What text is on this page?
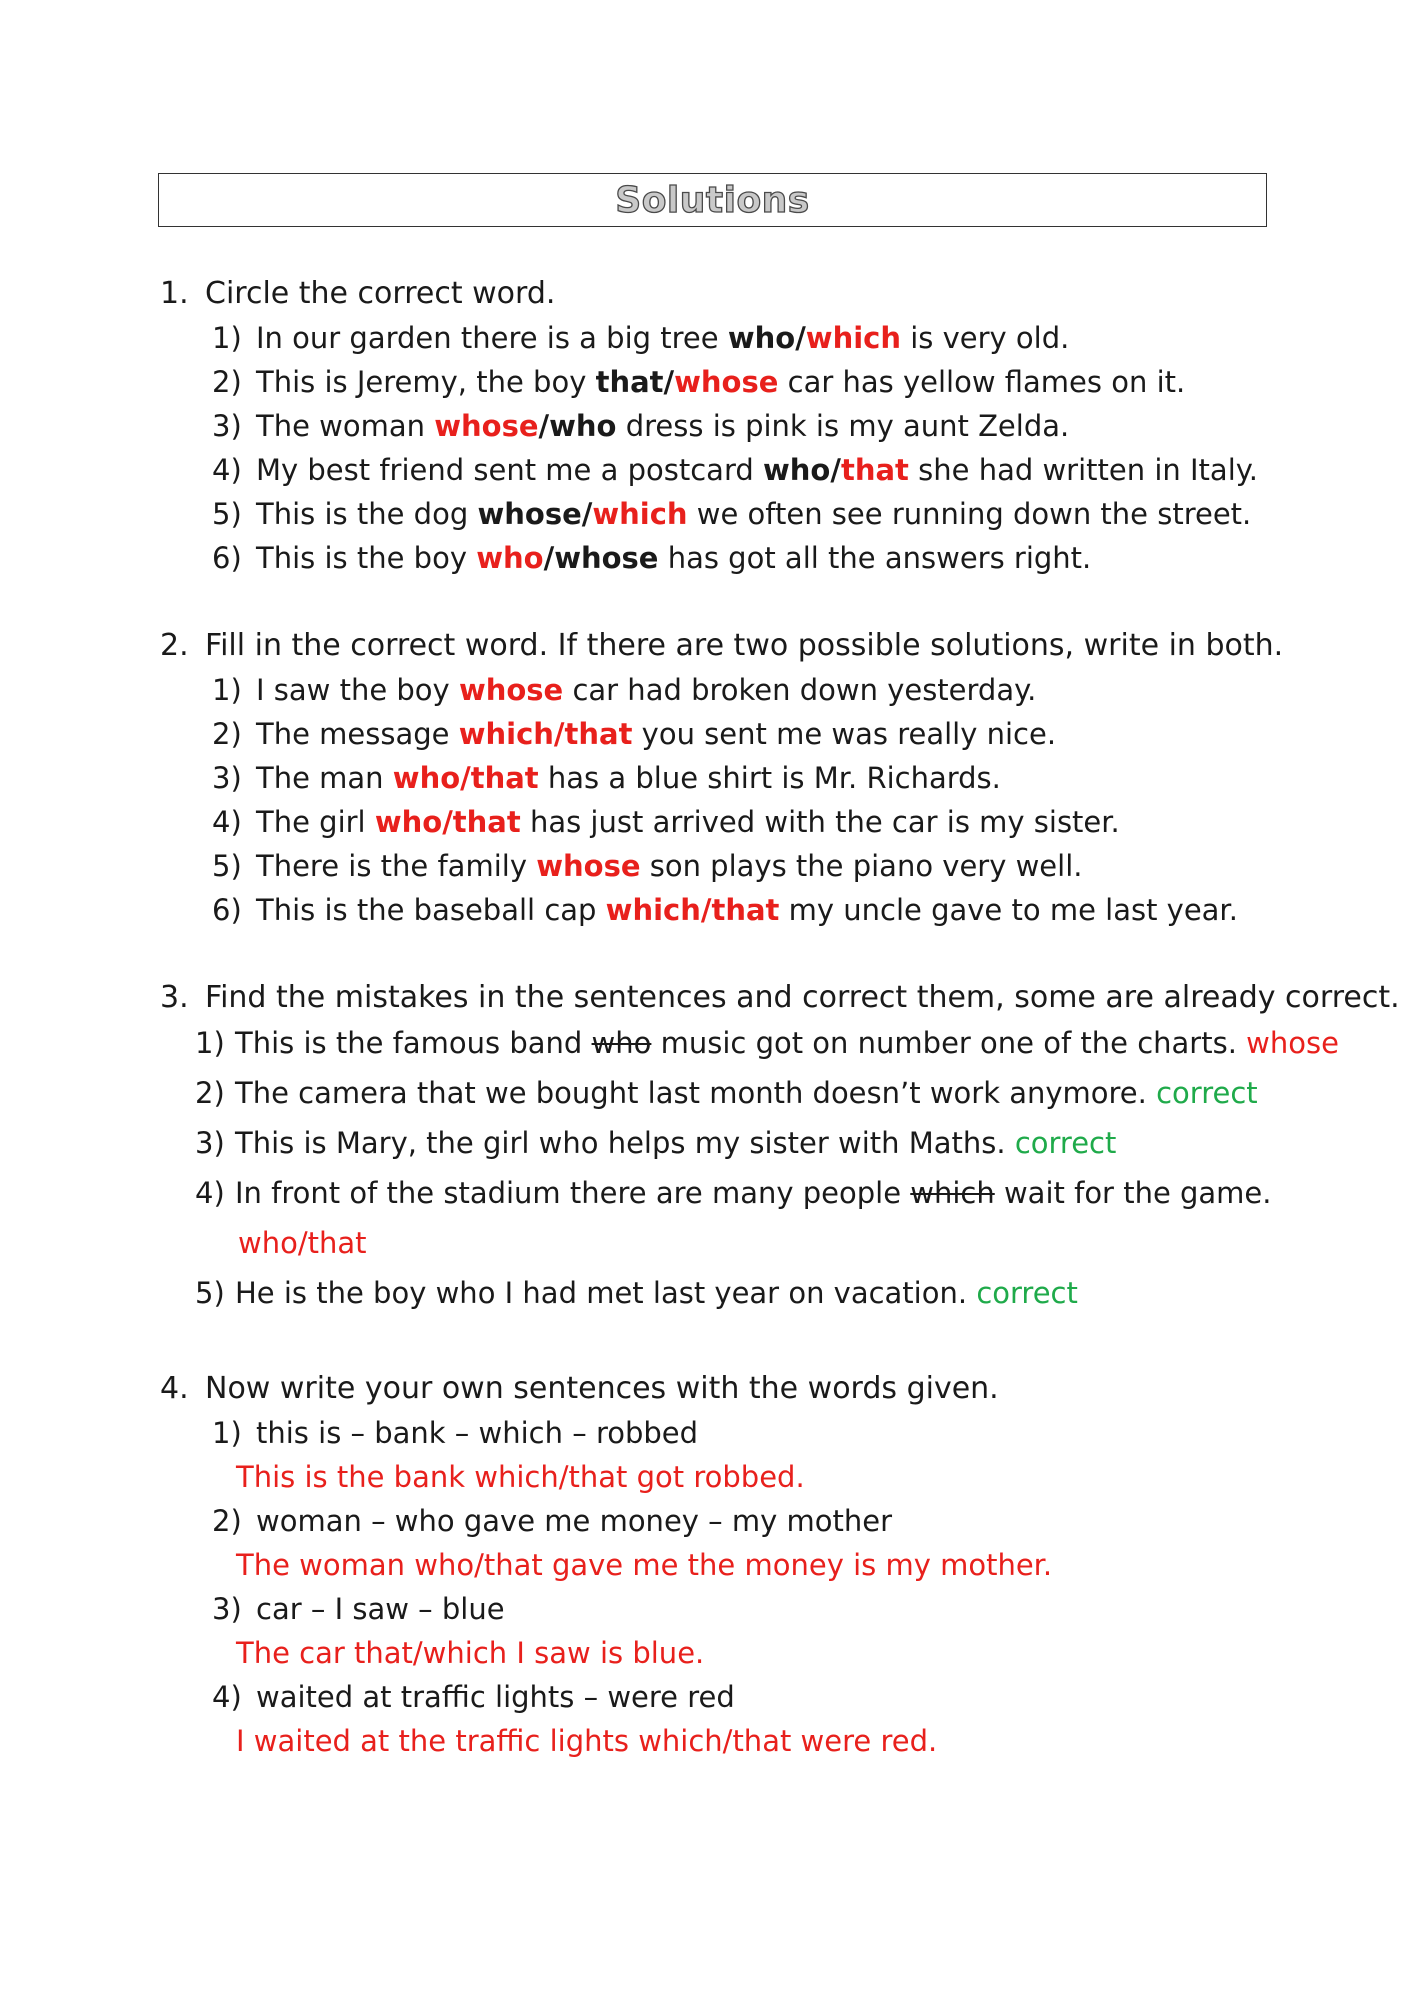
Solutions
1. Circle the correct word.
1) In our garden there is a big tree who/which is very old.
2) This is Jeremy, the boy that/whose car has yellow flames on it.
3) The woman whose/who dress is pink is my aunt Zelda.
4) My best friend sent me a postcard who/that she had written in Italy.
5) This is the dog whose/which we often see running down the street.
6) This is the boy who/whose has got all the answers right.
2. Fill in the correct word. If there are two possible solutions, write in both.
1) I saw the boy whose car had broken down yesterday.
2) The message which/that you sent me was really nice.
3) The man who/that has a blue shirt is Mr. Richards.
4) The girl who/that has just arrived with the car is my sister.
5) There is the family whose son plays the piano very well.
6) This is the baseball cap which/that my uncle gave to me last year.
3. Find the mistakes in the sentences and correct them, some are already correct.
1) This is the famous band who music got on number one of the charts. whose
2) The camera that we bought last month doesn’t work anymore. correct
3) This is Mary, the girl who helps my sister with Maths. correct
4) In front of the stadium there are many people which wait for the game.
who/that
5) He is the boy who I had met last year on vacation. correct
4. Now write your own sentences with the words given.
1) this is – bank – which – robbed
This is the bank which/that got robbed.
2) woman – who gave me money – my mother
The woman who/that gave me the money is my mother.
3) car – I saw – blue
The car that/which I saw is blue.
4) waited at traffic lights – were red
I waited at the traffic lights which/that were red.
